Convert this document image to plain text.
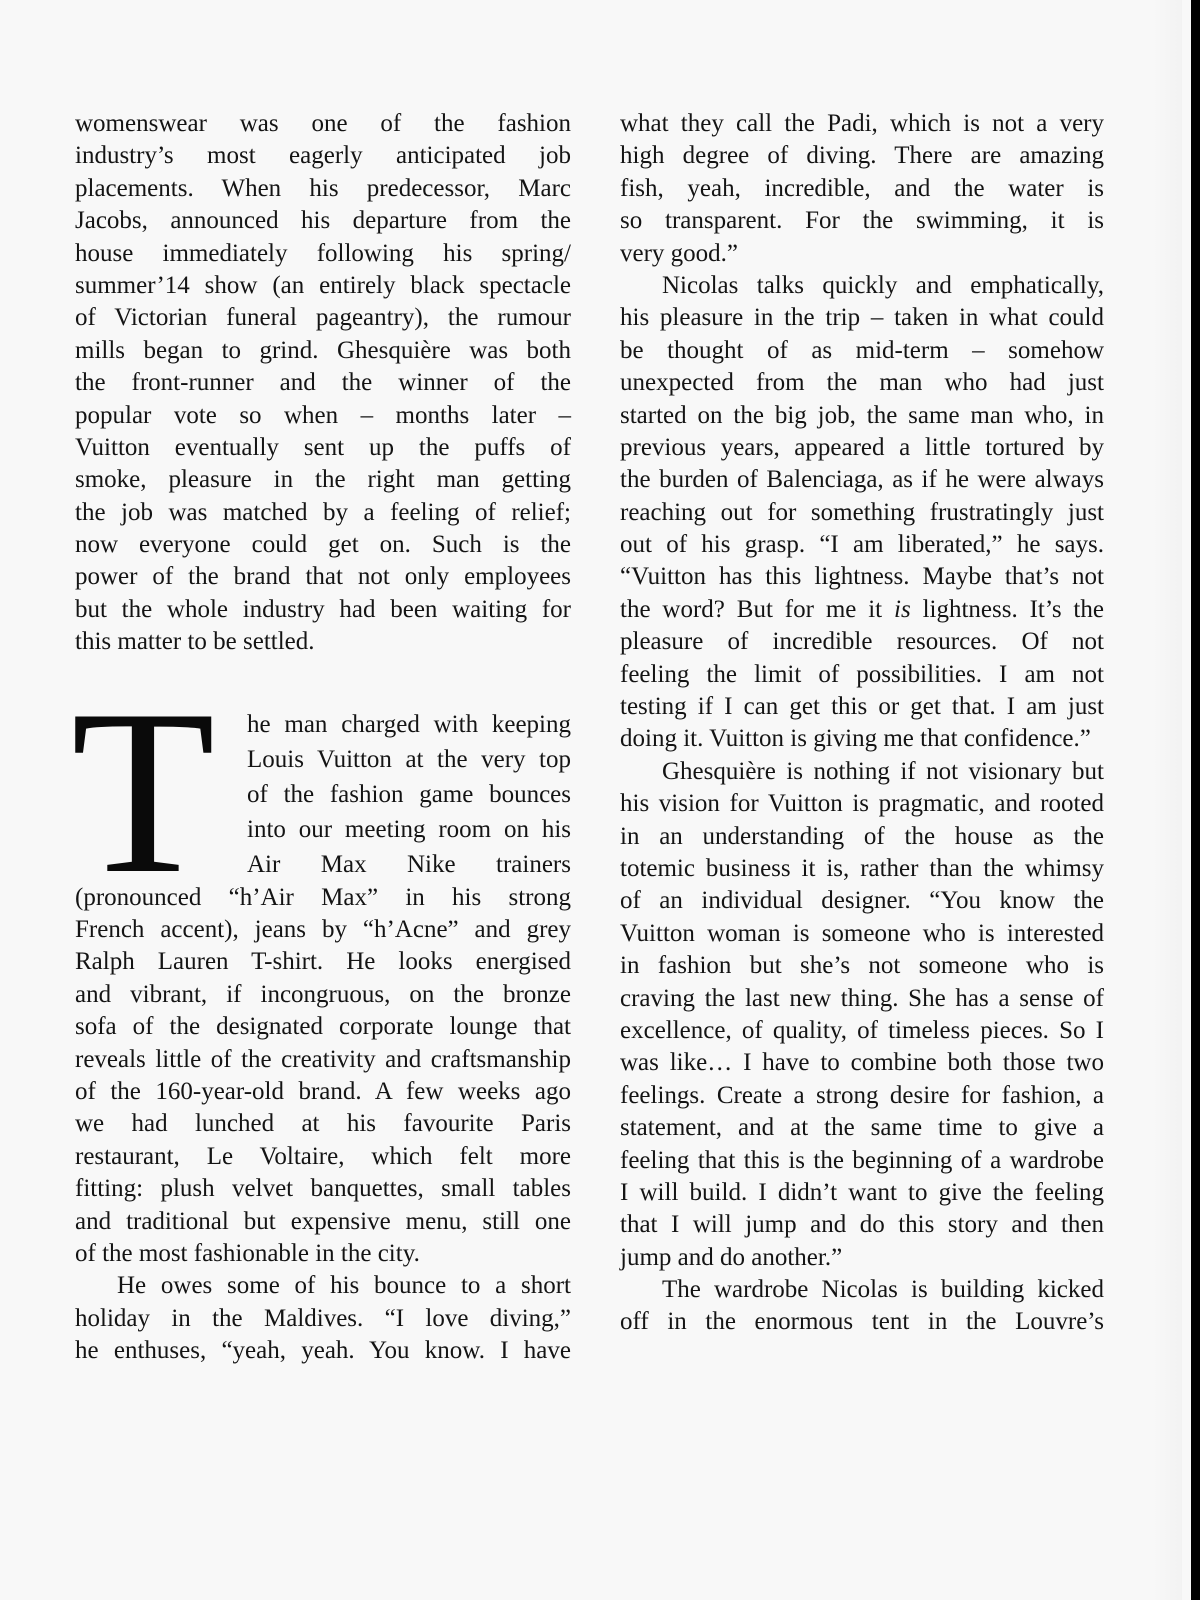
womenswear was one of the fashion
industry’s most eagerly anticipated job
placements. When his predecessor, Marc
Jacobs, announced his departure from the
house immediately following his spring/
summer’14 show (an entirely black spectacle
of Victorian funeral pageantry), the rumour
mills began to grind. Ghesquière was both
the front-runner and the winner of the
popular vote so when – months later –
Vuitton eventually sent up the puffs of
smoke, pleasure in the right man getting
the job was matched by a feeling of relief;
now everyone could get on. Such is the
power of the brand that not only employees
but the whole industry had been waiting for
this matter to be settled.
T he man charged with keeping
Louis Vuitton at the very top
of the fashion game bounces
into our meeting room on his
Air Max Nike trainers
(pronounced “h’Air Max” in his strong
French accent), jeans by “h’Acne” and grey
Ralph Lauren T-shirt. He looks energised
and vibrant, if incongruous, on the bronze
sofa of the designated corporate lounge that
reveals little of the creativity and craftsmanship
of the 160-year-old brand. A few weeks ago
we had lunched at his favourite Paris
restaurant, Le Voltaire, which felt more
fitting: plush velvet banquettes, small tables
and traditional but expensive menu, still one
of the most fashionable in the city.
He owes some of his bounce to a short
holiday in the Maldives. “I love diving,”
he enthuses, “yeah, yeah. You know. I have
what they call the Padi, which is not a very
high degree of diving. There are amazing
fish, yeah, incredible, and the water is
so transparent. For the swimming, it is
very good.”
Nicolas talks quickly and emphatically,
his pleasure in the trip – taken in what could
be thought of as mid-term – somehow
unexpected from the man who had just
started on the big job, the same man who, in
previous years, appeared a little tortured by
the burden of Balenciaga, as if he were always
reaching out for something frustratingly just
out of his grasp. “I am liberated,” he says.
“Vuitton has this lightness. Maybe that’s not
the word? But for me it is lightness. It’s the
pleasure of incredible resources. Of not
feeling the limit of possibilities. I am not
testing if I can get this or get that. I am just
doing it. Vuitton is giving me that confidence.”
Ghesquière is nothing if not visionary but
his vision for Vuitton is pragmatic, and rooted
in an understanding of the house as the
totemic business it is, rather than the whimsy
of an individual designer. “You know the
Vuitton woman is someone who is interested
in fashion but she’s not someone who is
craving the last new thing. She has a sense of
excellence, of quality, of timeless pieces. So I
was like… I have to combine both those two
feelings. Create a strong desire for fashion, a
statement, and at the same time to give a
feeling that this is the beginning of a wardrobe
I will build. I didn’t want to give the feeling
that I will jump and do this story and then
jump and do another.”
The wardrobe Nicolas is building kicked
off in the enormous tent in the Louvre’s
